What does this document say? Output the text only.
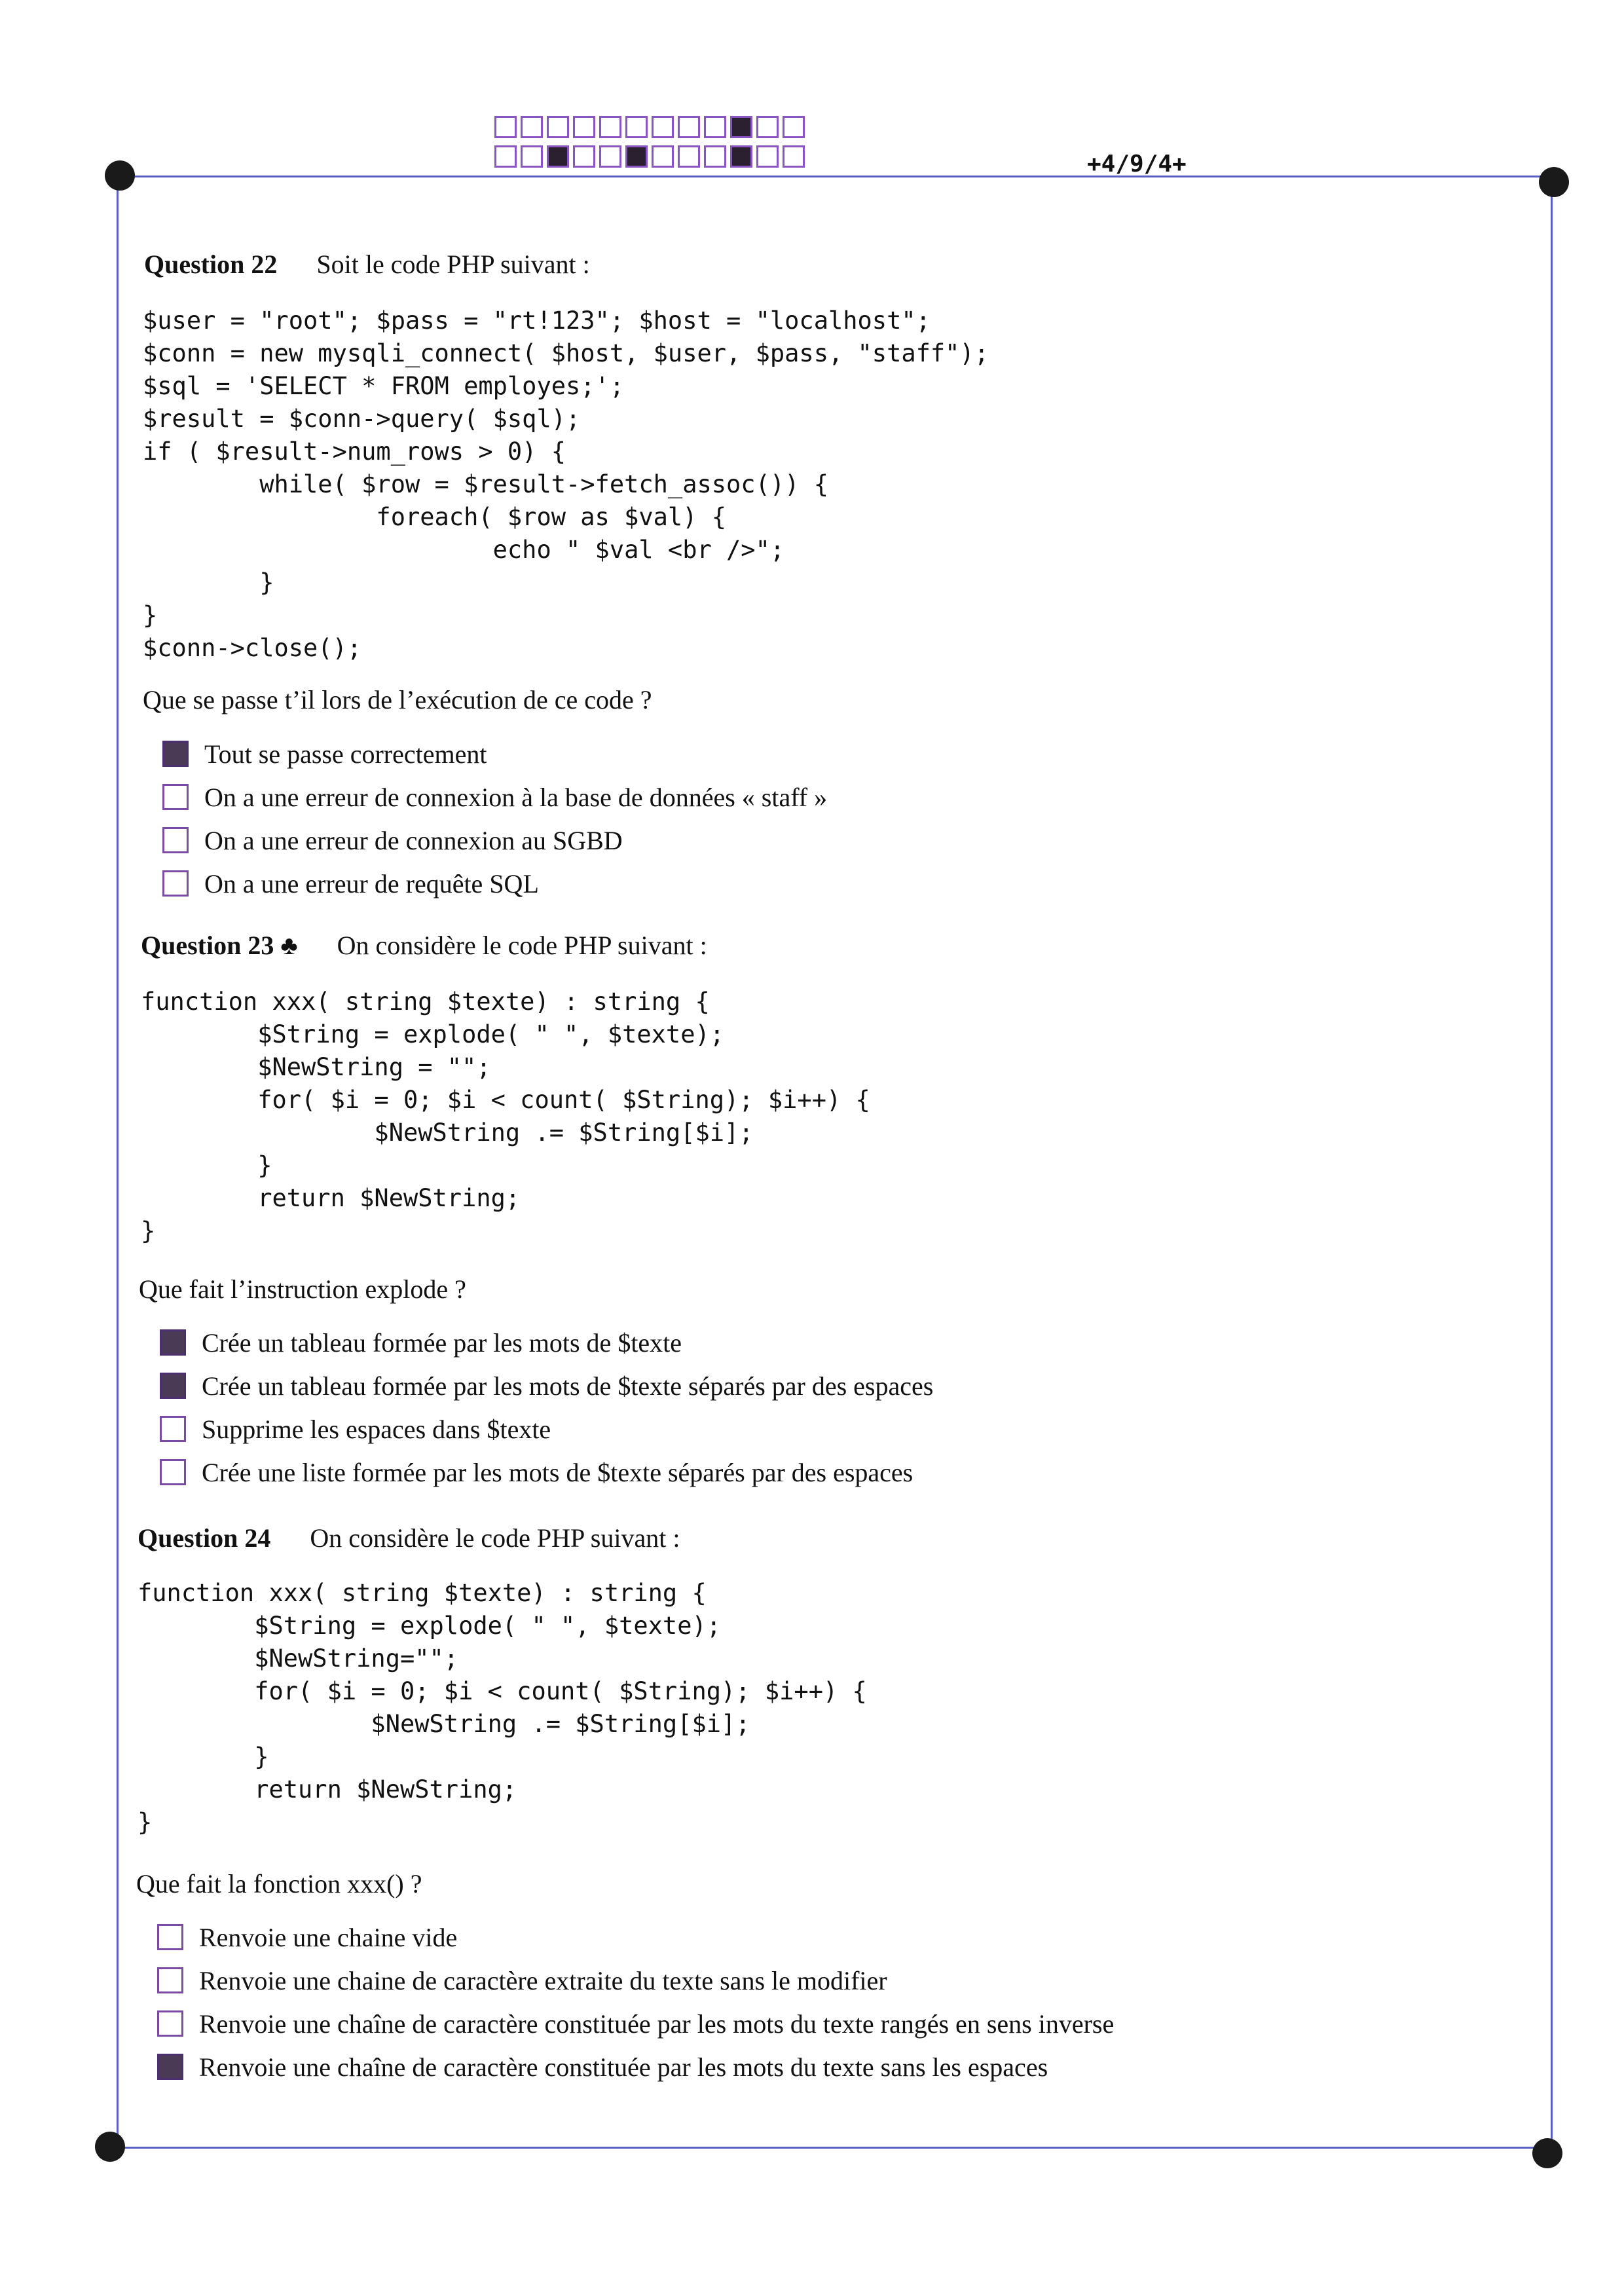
+4/9/4+
Question 22 Soit le code PHP suivant :
$user = "root"; $pass = "rt!123"; $host = "localhost";
$conn = new mysqli_connect( $host, $user, $pass, "staff");
$sql = 'SELECT * FROM employes;';
$result = $conn->query( $sql);
if ( $result->num_rows > 0) {
while( $row = $result->fetch_assoc()) {
foreach( $row as $val) {
echo " $val <br />";
}
}
$conn->close();
Que se passe t’il lors de l’exécution de ce code ?
Tout se passe correctement
On a une erreur de connexion à la base de données « staff »
On a une erreur de connexion au SGBD
On a une erreur de requête SQL
Question 23 ♣ On considère le code PHP suivant :
function xxx( string $texte) : string {
$String = explode( " ", $texte);
$NewString = "";
for( $i = 0; $i < count( $String); $i++) {
$NewString .= $String[$i];
}
return $NewString;
}
Que fait l’instruction explode ?
Crée un tableau formée par les mots de $texte
Crée un tableau formée par les mots de $texte séparés par des espaces
Supprime les espaces dans $texte
Crée une liste formée par les mots de $texte séparés par des espaces
Question 24 On considère le code PHP suivant :
function xxx( string $texte) : string {
$String = explode( " ", $texte);
$NewString="";
for( $i = 0; $i < count( $String); $i++) {
$NewString .= $String[$i];
}
return $NewString;
}
Que fait la fonction xxx() ?
Renvoie une chaine vide
Renvoie une chaine de caractère extraite du texte sans le modifier
Renvoie une chaîne de caractère constituée par les mots du texte rangés en sens inverse
Renvoie une chaîne de caractère constituée par les mots du texte sans les espaces
